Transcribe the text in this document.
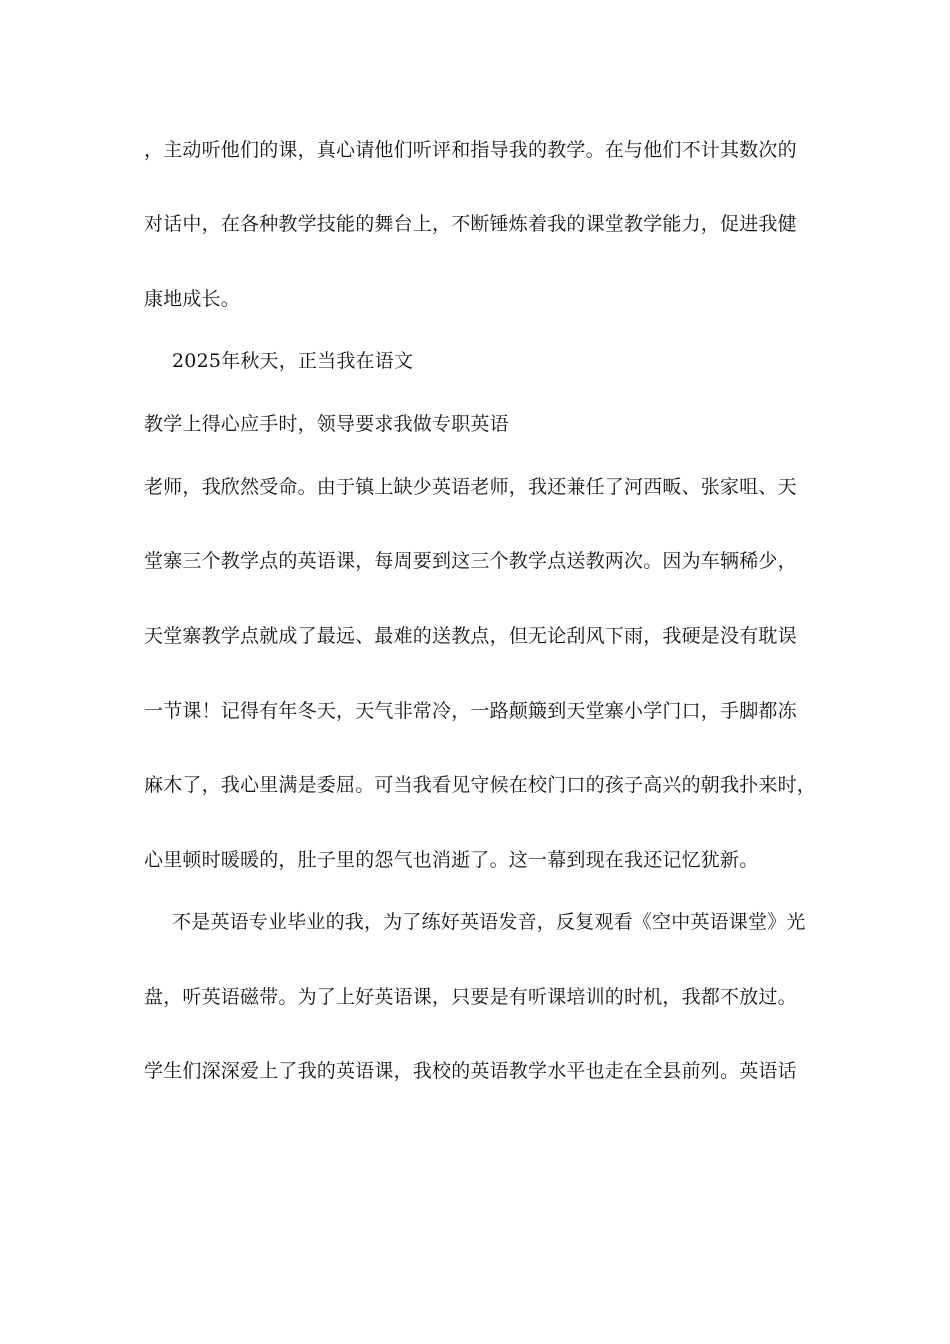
，主动听他们的课，真心请他们听评和指导我的教学。在与他们不计其数次的
对话中，在各种教学技能的舞台上，不断锤炼着我的课堂教学能力，促进我健
康地成长。
2025年秋天，正当我在语文
教学上得心应手时，领导要求我做专职英语
老师，我欣然受命。由于镇上缺少英语老师，我还兼任了河西畈、张家咀、天
堂寨三个教学点的英语课，每周要到这三个教学点送教两次。因为车辆稀少，
天堂寨教学点就成了最远、最难的送教点，但无论刮风下雨，我硬是没有耽误
一节课！记得有年冬天，天气非常冷，一路颠簸到天堂寨小学门口，手脚都冻
麻木了，我心里满是委屈。可当我看见守候在校门口的孩子高兴的朝我扑来时，
心里顿时暖暖的，肚子里的怨气也消逝了。这一幕到现在我还记忆犹新。
不是英语专业毕业的我，为了练好英语发音，反复观看《空中英语课堂》光
盘，听英语磁带。为了上好英语课，只要是有听课培训的时机，我都不放过。
学生们深深爱上了我的英语课，我校的英语教学水平也走在全县前列。英语话
